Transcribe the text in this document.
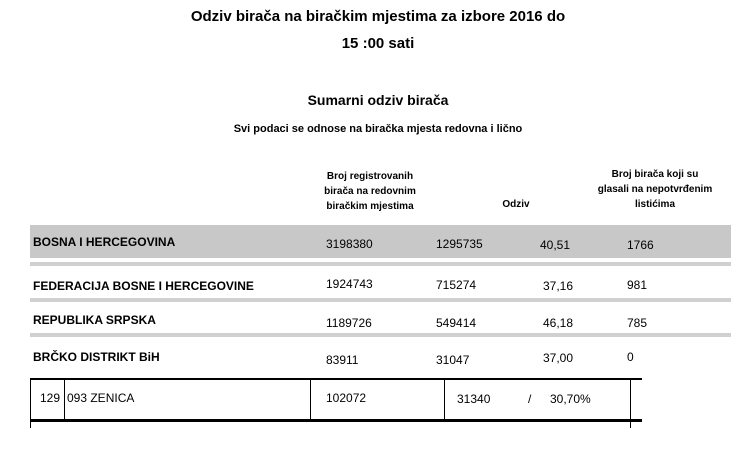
Odziv birača na biračkim mjestima za izbore 2016 do
15 :00 sati
Sumarni odziv birača
Svi podaci se odnose na biračka mjesta redovna i lično
Broj registrovanih
birača na redovnim
biračkim mjestima	Odziv
Broj birača koji su
glasali na nepotvrđenim
listićima
BOSNA I HERCEGOVINA	3198380	1295735	40,51	1766
FEDERACIJA BOSNE I HERCEGOVINE	1924743	715274	37,16	981
REPUBLIKA SRPSKA	1189726	549414	46,18	785
BRČKO DISTRIKT BiH	83911	31047	37,00	0
129 093 ZENICA	102072	31340	/ 30,70%
